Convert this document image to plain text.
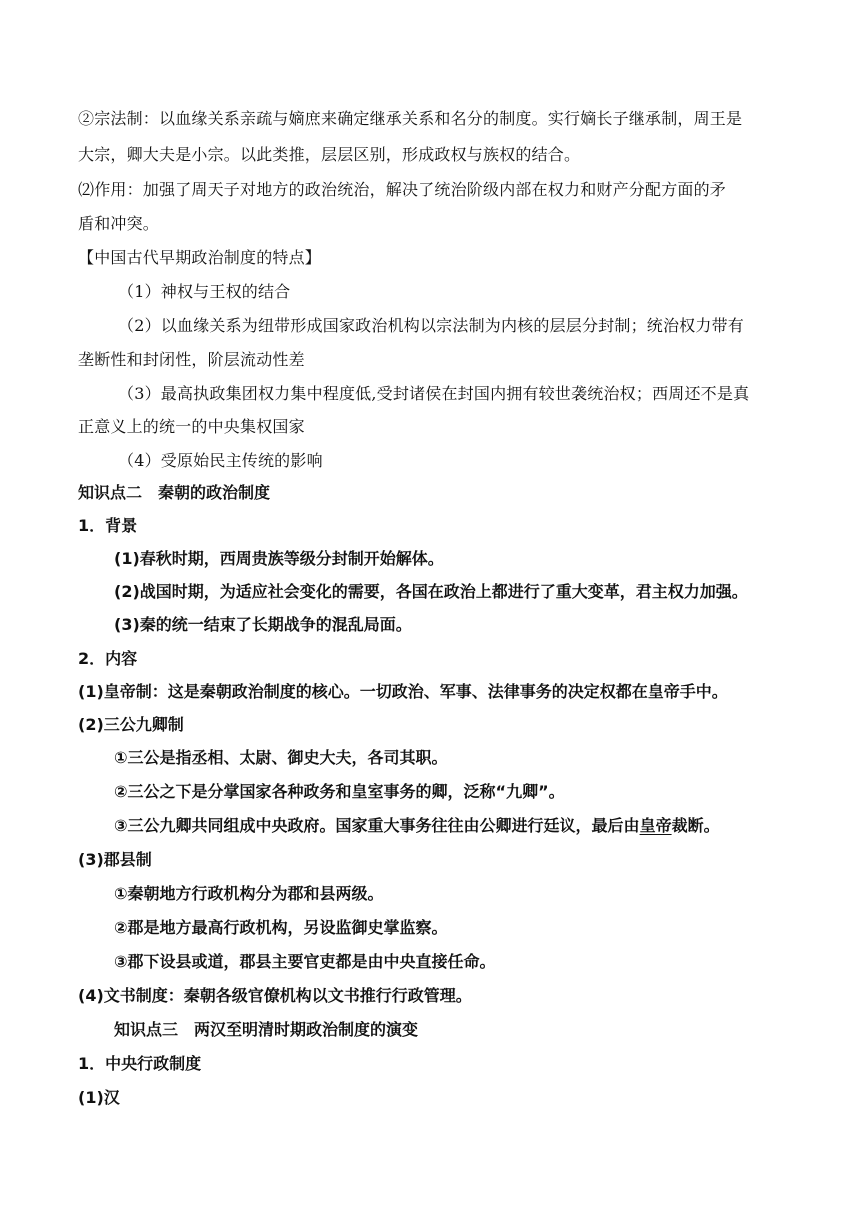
②宗法制：以血缘关系亲疏与嫡庶来确定继承关系和名分的制度。实行嫡长子继承制，周王是
大宗，卿大夫是小宗。以此类推，层层区别，形成政权与族权的结合。
⑵作用：加强了周天子对地方的政治统治，解决了统治阶级内部在权力和财产分配方面的矛
盾和冲突。
【中国古代早期政治制度的特点】
（1）神权与王权的结合
（2）以血缘关系为纽带形成国家政治机构以宗法制为内核的层层分封制；统治权力带有
垄断性和封闭性，阶层流动性差
（3）最高执政集团权力集中程度低,受封诸侯在封国内拥有较世袭统治权；西周还不是真
正意义上的统一的中央集权国家
（4）受原始民主传统的影响
知识点二　秦朝的政治制度
1．背景
(1)春秋时期，西周贵族等级分封制开始解体。
(2)战国时期，为适应社会变化的需要，各国在政治上都进行了重大变革，君主权力加强。
(3)秦的统一结束了长期战争的混乱局面。
2．内容
(1)皇帝制：这是秦朝政治制度的核心。一切政治、军事、法律事务的决定权都在皇帝手中。
(2)三公九卿制
①三公是指丞相、太尉、御史大夫，各司其职。
②三公之下是分掌国家各种政务和皇室事务的卿，泛称“九卿”。
③三公九卿共同组成中央政府。国家重大事务往往由公卿进行廷议，最后由皇帝裁断。
(3)郡县制
①秦朝地方行政机构分为郡和县两级。
②郡是地方最高行政机构，另设监御史掌监察。
③郡下设县或道，郡县主要官吏都是由中央直接任命。
(4)文书制度：秦朝各级官僚机构以文书推行行政管理。
知识点三　两汉至明清时期政治制度的演变
1．中央行政制度
(1)汉
